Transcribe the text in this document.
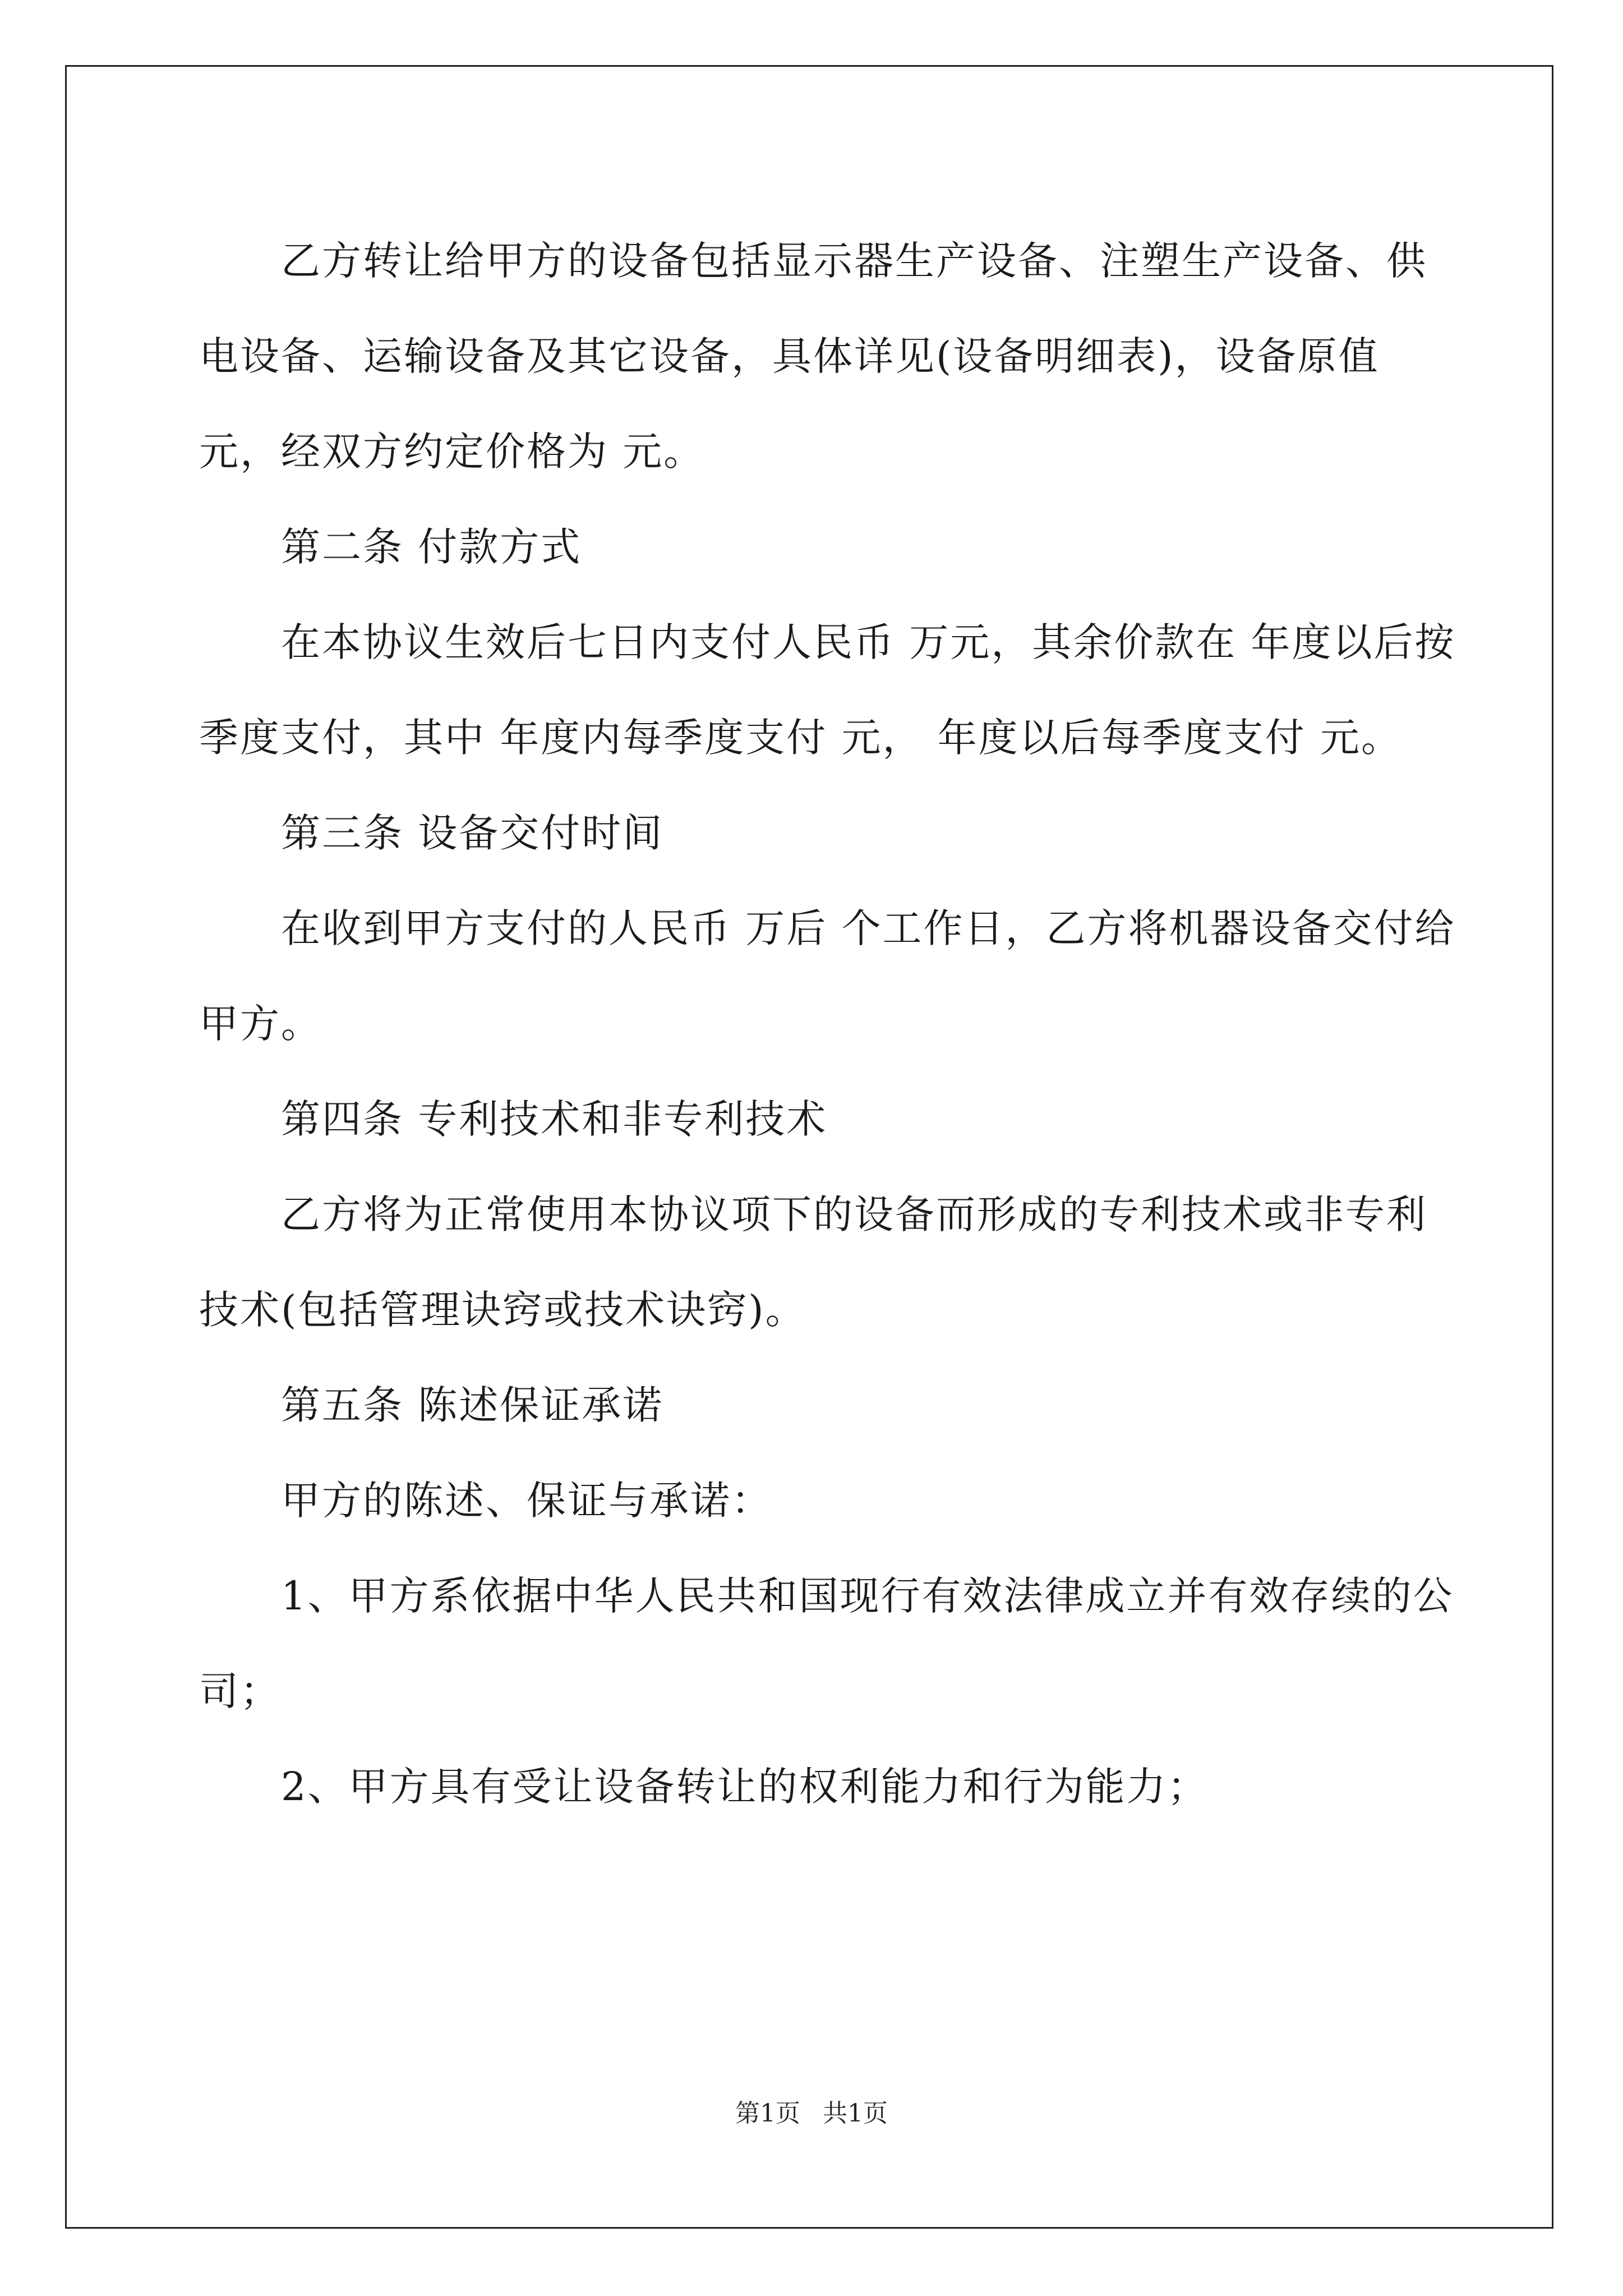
乙方转让给甲方的设备包括显示器生产设备、注塑生产设备、供电设备、运输设备及其它设备，具体详见(设备明细表)，设备原值 元，经双方约定价格为 元。

第二条 付款方式

在本协议生效后七日内支付人民币 万元，其余价款在 年度以后按季度支付，其中 年度内每季度支付 元， 年度以后每季度支付 元。

第三条 设备交付时间

在收到甲方支付的人民币 万后 个工作日，乙方将机器设备交付给甲方。

第四条 专利技术和非专利技术

乙方将为正常使用本协议项下的设备而形成的专利技术或非专利技术(包括管理诀窍或技术诀窍)。

第五条 陈述保证承诺

甲方的陈述、保证与承诺：

1、甲方系依据中华人民共和国现行有效法律成立并有效存续的公司；

2、甲方具有受让设备转让的权利能力和行为能力；

第1页 共1页
